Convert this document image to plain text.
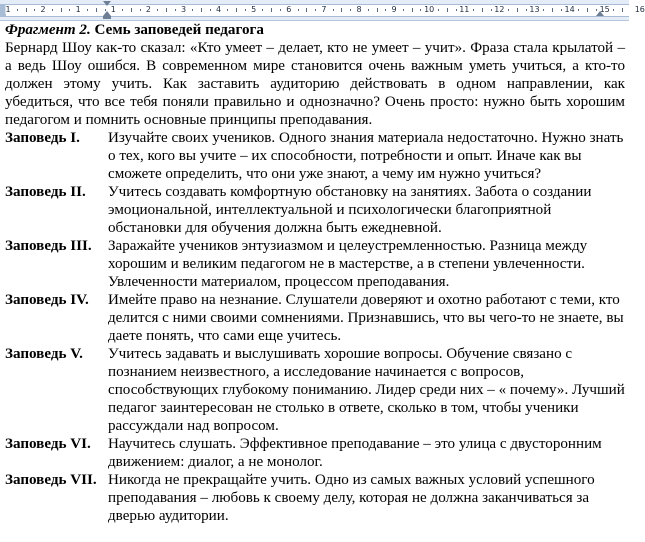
1	2	1	1	2	3	4	5	6	7	8	9	10	11	12	13	14	15	16

Фрагмент 2. Семь заповедей педагога

Бернард Шоу как-то сказал: «Кто умеет – делает, кто не умеет – учит». Фраза стала крылатой – а ведь Шоу ошибся. В современном мире становится очень важным уметь учиться, а кто-то должен этому учить. Как заставить аудиторию действовать в одном направлении, как убедиться, что все тебя поняли правильно и однозначно? Очень просто: нужно быть хорошим педагогом и помнить основные принципы преподавания.

Заповедь I. Изучайте своих учеников. Одного знания материала недостаточно. Нужно знать о тех, кого вы учите – их способности, потребности и опыт. Иначе как вы сможете определить, что они уже знают, а чему им нужно учиться?

Заповедь II. Учитесь создавать комфортную обстановку на занятиях. Забота о создании эмоциональной, интеллектуальной и психологически благоприятной обстановки для обучения должна быть ежедневной.

Заповедь III. Заражайте учеников энтузиазмом и целеустремленностью. Разница между хорошим и великим педагогом не в мастерстве, а в степени увлеченности. Увлеченности материалом, процессом преподавания.

Заповедь IV. Имейте право на незнание. Слушатели доверяют и охотно работают с теми, кто делится с ними своими сомнениями. Признавшись, что вы чего-то не знаете, вы даете понять, что сами еще учитесь.

Заповедь V. Учитесь задавать и выслушивать хорошие вопросы. Обучение связано с познанием неизвестного, а исследование начинается с вопросов, способствующих глубокому пониманию. Лидер среди них – « почему». Лучший педагог заинтересован не столько в ответе, сколько в том, чтобы ученики рассуждали над вопросом.

Заповедь VI. Научитесь слушать. Эффективное преподавание – это улица с двусторонним движением: диалог, а не монолог.

Заповедь VII. Никогда не прекращайте учить. Одно из самых важных условий успешного преподавания – любовь к своему делу, которая не должна заканчиваться за дверью аудитории.
